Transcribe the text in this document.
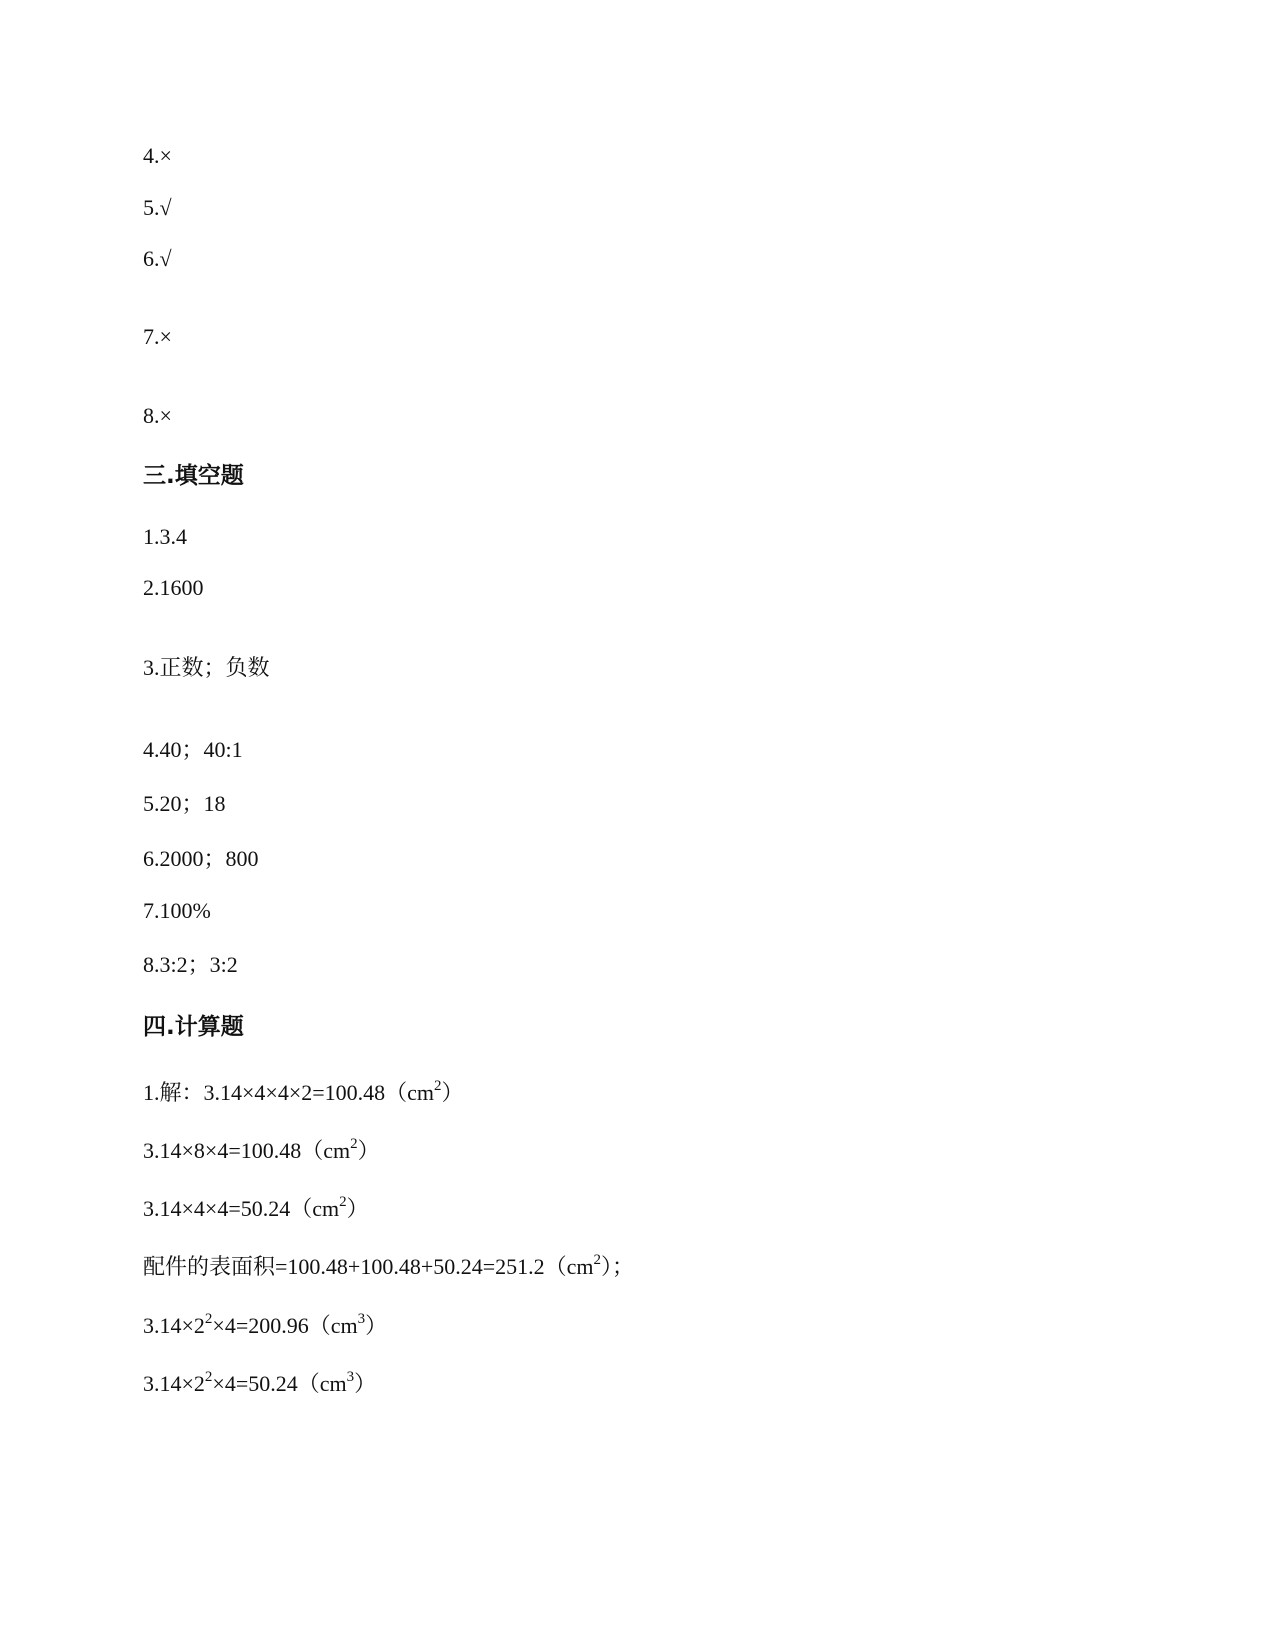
4.×
5.√
6.√
7.×
8.×
三.填空题
1.3.4
2.1600
3.正数；负数
4.40；40:1
5.20；18
6.2000；800
7.100%
8.3:2；3:2
四.计算题
1.解：$3.14\times 4\times 4\times 2=100.48(cm^2)$
$3.14\times 8\times 4=100.48(cm^2)$
$3.14\times 4\times 4=50.24(cm^2)$
配件的表面积$=100.48+100.48+50.24=251.2(cm^2)$；
$3.14\times 2^2\times 4=200.96(cm^3)$
$3.14\times 2^2\times 4=50.24(cm^3)$
